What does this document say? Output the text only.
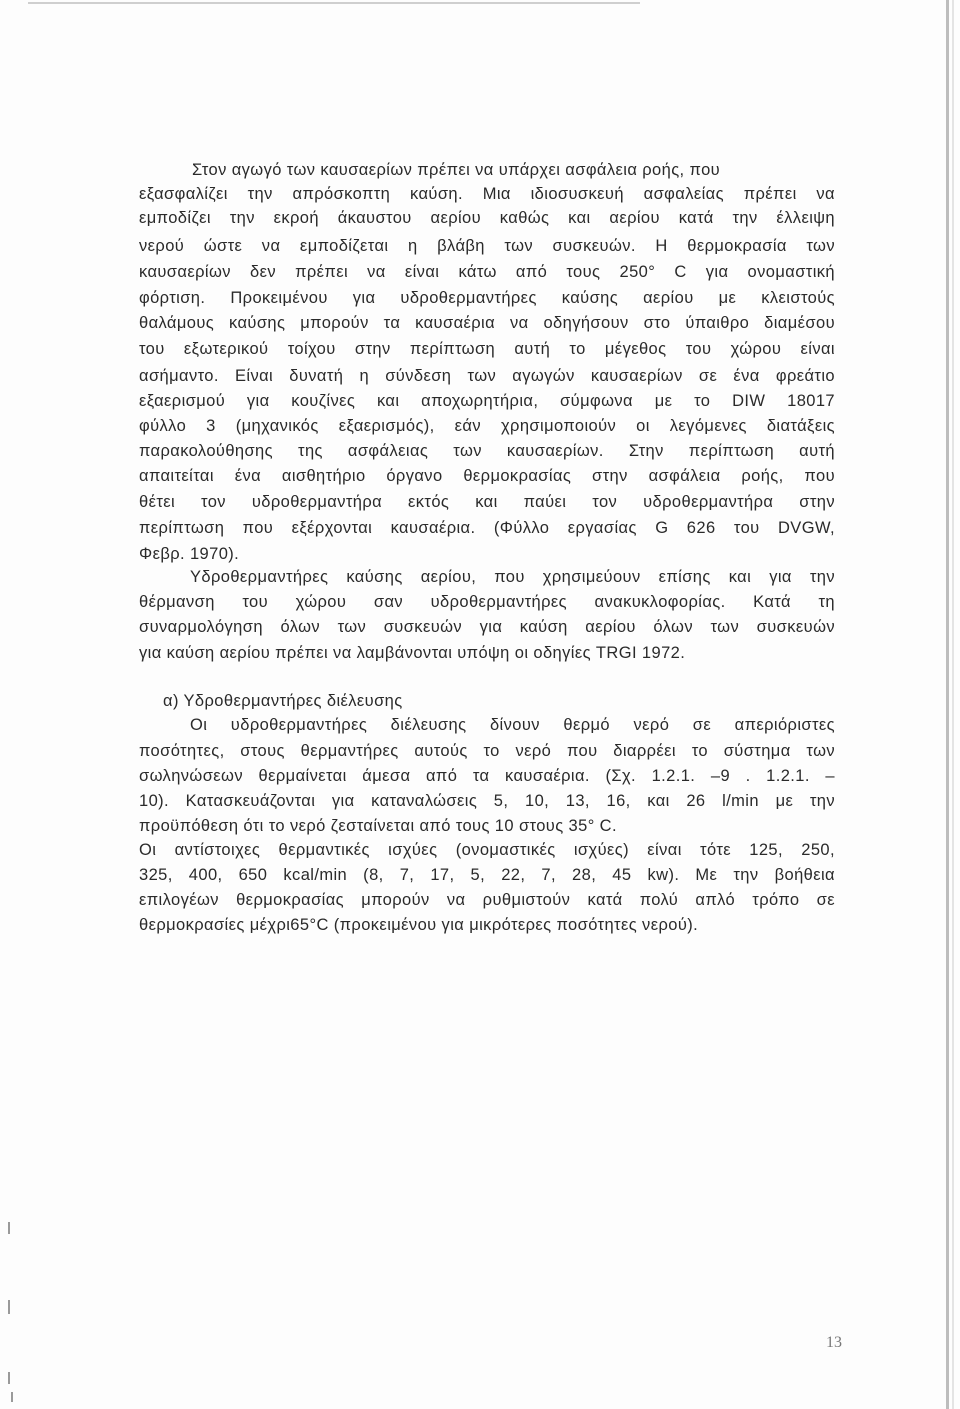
Στον αγωγό των καυσαερίων πρέπει να υπάρχει ασφάλεια ροής, που
εξασφαλίζει την απρόσκοπτη καύση. Μια ιδιοσυσκευή ασφαλείας πρέπει να
εμποδίζει την εκροή άκαυστου αερίου καθώς και αερίου κατά την έλλειψη
νερού ώστε να εμποδίζεται η βλάβη των συσκευών. Η θερμοκρασία των
καυσαερίων δεν πρέπει να είναι κάτω από τους 250° C για ονομαστική
φόρτιση. Προκειμένου για υδροθερμαντήρες καύσης αερίου με κλειστούς
θαλάμους καύσης μπορούν τα καυσαέρια να οδηγήσουν στο ύπαιθρο διαμέσου
του εξωτερικού τοίχου στην περίπτωση αυτή το μέγεθος του χώρου είναι
ασήμαντο. Είναι δυνατή η σύνδεση των αγωγών καυσαερίων σε ένα φρεάτιο
εξαερισμού για κουζίνες και αποχωρητήρια, σύμφωνα με το DIW 18017
φύλλο 3 (μηχανικός εξαερισμός), εάν χρησιμοποιούν οι λεγόμενες διατάξεις
παρακολούθησης της ασφάλειας των καυσαερίων. Στην περίπτωση αυτή
απαιτείται ένα αισθητήριο όργανο θερμοκρασίας στην ασφάλεια ροής, που
θέτει τον υδροθερμαντήρα εκτός και παύει τον υδροθερμαντήρα στην
περίπτωση που εξέρχονται καυσαέρια. (Φύλλο εργασίας G 626 του DVGW,
Φεβρ. 1970).
Υδροθερμαντήρες καύσης αερίου, που χρησιμεύουν επίσης και για την
θέρμανση του χώρου σαν υδροθερμαντήρες ανακυκλοφορίας. Κατά τη
συναρμολόγηση όλων των συσκευών για καύση αερίου όλων των συσκευών
για καύση αερίου πρέπει να λαμβάνονται υπόψη οι οδηγίες TRGI 1972.
α) Υδροθερμαντήρες διέλευσης
Οι υδροθερμαντήρες διέλευσης δίνουν θερμό νερό σε απεριόριστες
ποσότητες, στους θερμαντήρες αυτούς το νερό που διαρρέει το σύστημα των
σωληνώσεων θερμαίνεται άμεσα από τα καυσαέρια. (Σχ. 1.2.1. –9 . 1.2.1. –
10). Κατασκευάζονται για καταναλώσεις 5, 10, 13, 16, και 26 l/min με την
προϋπόθεση ότι το νερό ζεσταίνεται από τους 10 στους 35° C.
Οι αντίστοιχες θερμαντικές ισχύες (ονομαστικές ισχύες) είναι τότε 125, 250,
325, 400, 650 kcal/min (8, 7, 17, 5, 22, 7, 28, 45 kw). Με την βοήθεια
επιλογέων θερμοκρασίας μπορούν να ρυθμιστούν κατά πολύ απλό τρόπο σε
θερμοκρασίες μέχρι65°C (προκειμένου για μικρότερες ποσότητες νερού).
13
